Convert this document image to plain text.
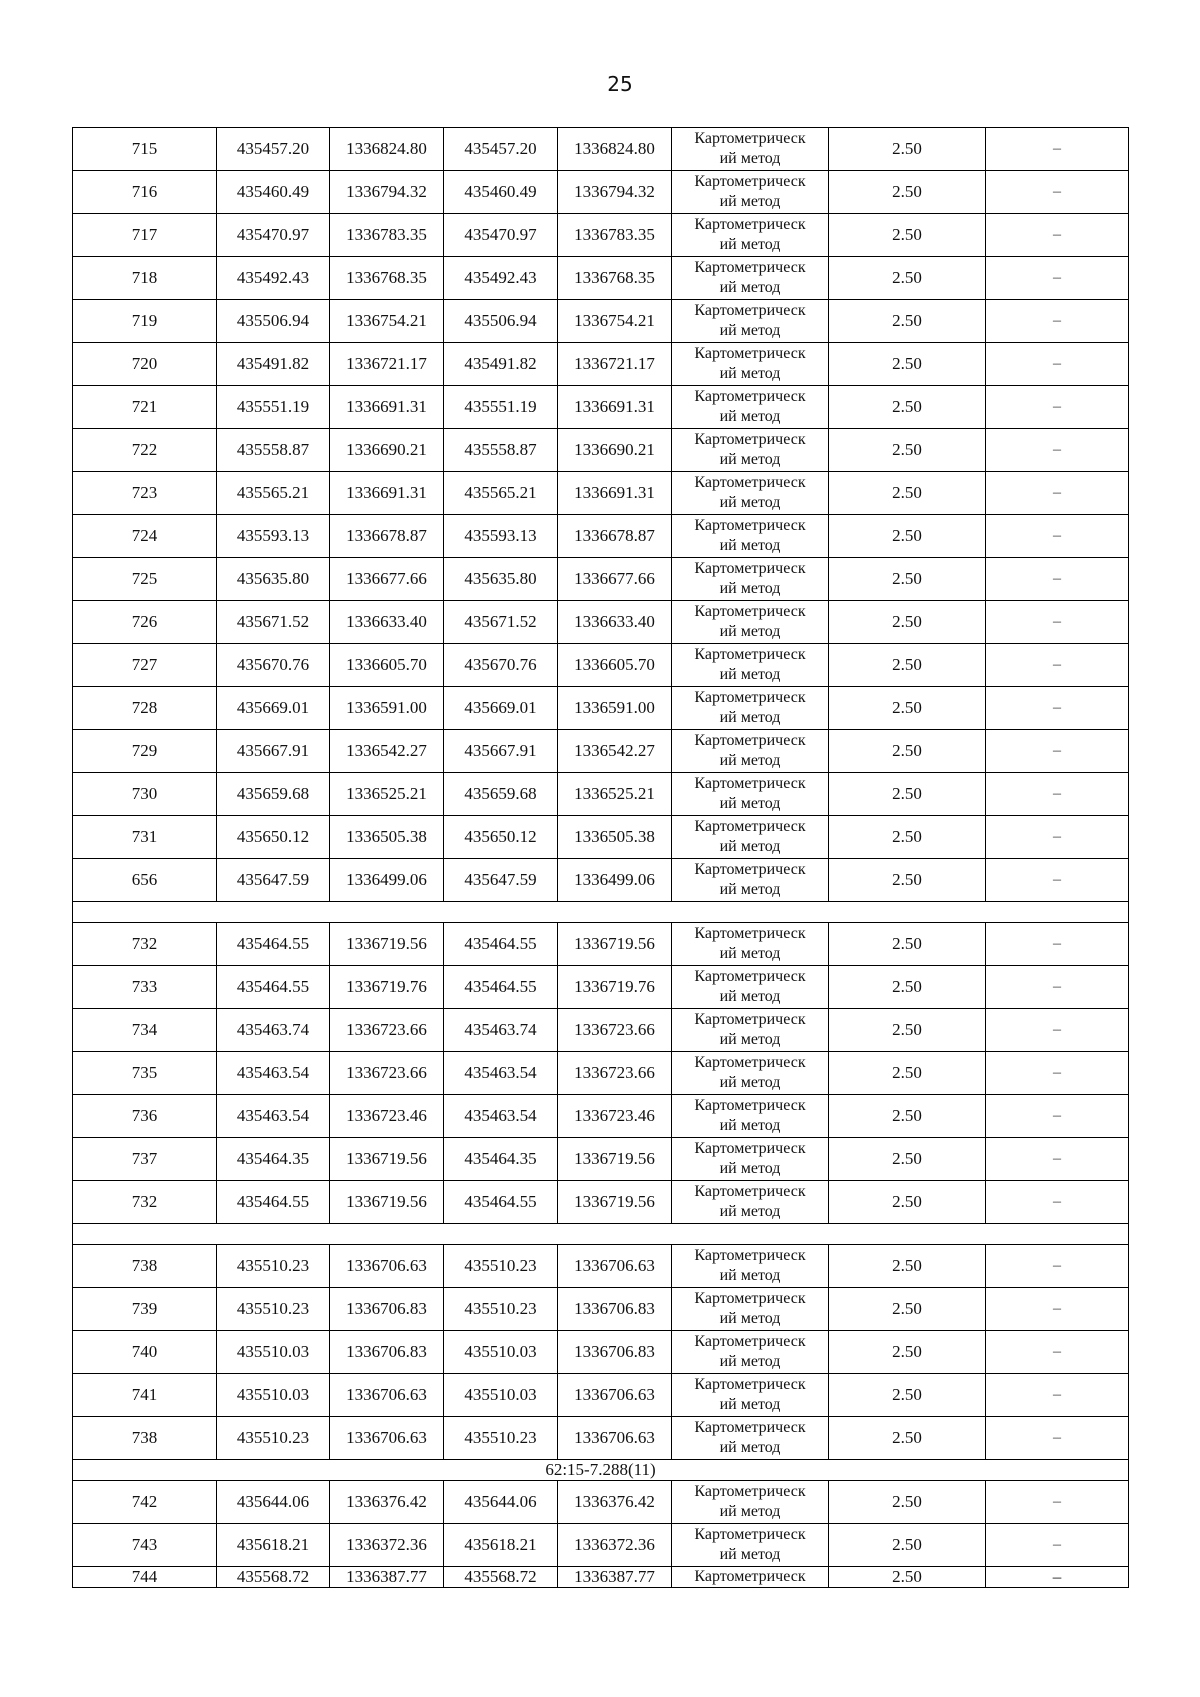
25
715	435457.20	1336824.80	435457.20	1336824.80	Картометрическ
ий метод	2.50	–
716	435460.49	1336794.32	435460.49	1336794.32	Картометрическ
ий метод	2.50	–
717	435470.97	1336783.35	435470.97	1336783.35	Картометрическ
ий метод	2.50	–
718	435492.43	1336768.35	435492.43	1336768.35	Картометрическ
ий метод	2.50	–
719	435506.94	1336754.21	435506.94	1336754.21	Картометрическ
ий метод	2.50	–
720	435491.82	1336721.17	435491.82	1336721.17	Картометрическ
ий метод	2.50	–
721	435551.19	1336691.31	435551.19	1336691.31	Картометрическ
ий метод	2.50	–
722	435558.87	1336690.21	435558.87	1336690.21	Картометрическ
ий метод	2.50	–
723	435565.21	1336691.31	435565.21	1336691.31	Картометрическ
ий метод	2.50	–
724	435593.13	1336678.87	435593.13	1336678.87	Картометрическ
ий метод	2.50	–
725	435635.80	1336677.66	435635.80	1336677.66	Картометрическ
ий метод	2.50	–
726	435671.52	1336633.40	435671.52	1336633.40	Картометрическ
ий метод	2.50	–
727	435670.76	1336605.70	435670.76	1336605.70	Картометрическ
ий метод	2.50	–
728	435669.01	1336591.00	435669.01	1336591.00	Картометрическ
ий метод	2.50	–
729	435667.91	1336542.27	435667.91	1336542.27	Картометрическ
ий метод	2.50	–
730	435659.68	1336525.21	435659.68	1336525.21	Картометрическ
ий метод	2.50	–
731	435650.12	1336505.38	435650.12	1336505.38	Картометрическ
ий метод	2.50	–
656	435647.59	1336499.06	435647.59	1336499.06	Картометрическ
ий метод	2.50	–

732	435464.55	1336719.56	435464.55	1336719.56	Картометрическ
ий метод	2.50	–
733	435464.55	1336719.76	435464.55	1336719.76	Картометрическ
ий метод	2.50	–
734	435463.74	1336723.66	435463.74	1336723.66	Картометрическ
ий метод	2.50	–
735	435463.54	1336723.66	435463.54	1336723.66	Картометрическ
ий метод	2.50	–
736	435463.54	1336723.46	435463.54	1336723.46	Картометрическ
ий метод	2.50	–
737	435464.35	1336719.56	435464.35	1336719.56	Картометрическ
ий метод	2.50	–
732	435464.55	1336719.56	435464.55	1336719.56	Картометрическ
ий метод	2.50	–

738	435510.23	1336706.63	435510.23	1336706.63	Картометрическ
ий метод	2.50	–
739	435510.23	1336706.83	435510.23	1336706.83	Картометрическ
ий метод	2.50	–
740	435510.03	1336706.83	435510.03	1336706.83	Картометрическ
ий метод	2.50	–
741	435510.03	1336706.63	435510.03	1336706.63	Картометрическ
ий метод	2.50	–
738	435510.23	1336706.63	435510.23	1336706.63	Картометрическ
ий метод	2.50	–
62:15-7.288(11)							
742	435644.06	1336376.42	435644.06	1336376.42	Картометрическ
ий метод	2.50	–
743	435618.21	1336372.36	435618.21	1336372.36	Картометрическ
ий метод	2.50	–
744	435568.72	1336387.77	435568.72	1336387.77	Картометрическ	2.50	–
